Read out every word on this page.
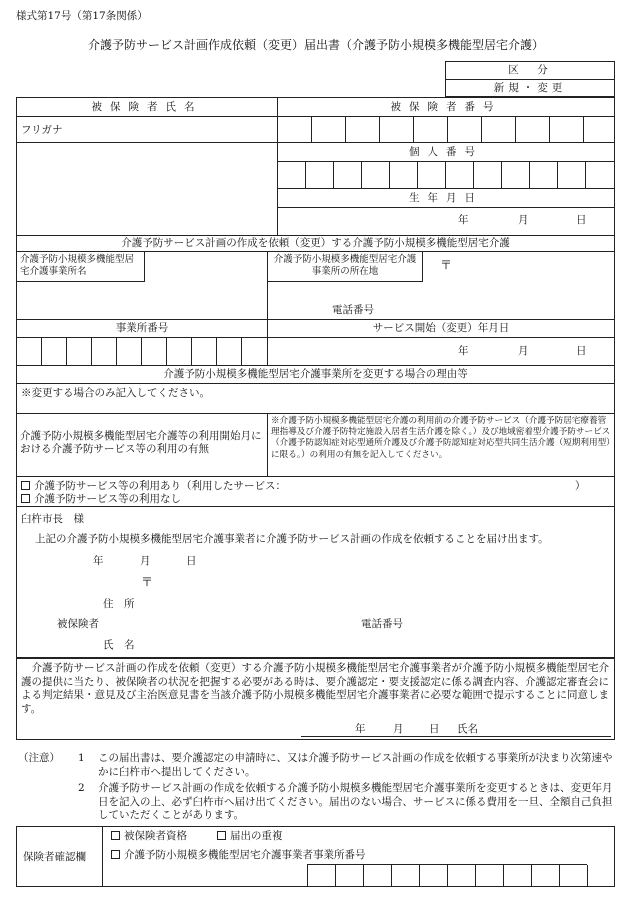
様式第17号（第17条関係）
介護予防サービス計画作成依頼（変更）届出書（介護予防小規模多機能型居宅介護）
区　分
新規・変更
被保険者氏名	被保険者番号
フリガナ
個人番号
生年月日
年	月	日
介護予防サービス計画の作成を依頼（変更）する介護予防小規模多機能型居宅介護
介護予防小規模多機能型居宅介護事業所名
介護予防小規模多機能型居宅介護事業所の所在地	〒
電話番号
事業所番号	サービス開始（変更）年月日
年	月	日
介護予防小規模多機能型居宅介護事業所を変更する場合の理由等
※変更する場合のみ記入してください。
介護予防小規模多機能型居宅介護等の利用開始月における介護予防サービス等の利用の有無
※介護予防小規模多機能型居宅介護の利用前の介護予防サービス（介護予防居宅療養管理指導及び介護予防特定施設入居者生活介護を除く。）及び地域密着型介護予防サービス（介護予防認知症対応型通所介護及び介護予防認知症対応型共同生活介護（短期利用型）に限る。）の利用の有無を記入してください。
介護予防サービス等の利用あり（利用したサービス：	）
介護予防サービス等の利用なし
臼杵市長　様
上記の介護予防小規模多機能型居宅介護事業者に介護予防サービス計画の作成を依頼することを届け出ます。
年	月	日
〒
住　所
被保険者
氏　名
電話番号
介護予防サービス計画の作成を依頼（変更）する介護予防小規模多機能型居宅介護事業者が介護予防小規模多機能型居宅介護の提供に当たり、被保険者の状況を把握する必要がある時は、要介護認定・要支援認定に係る調査内容、介護認定審査会による判定結果・意見及び主治医意見書を当該介護予防小規模多機能型居宅介護事業者に必要な範囲で提示することに同意します。
年	月 日 氏名
（注意） 1 この届出書は、要介護認定の申請時に、又は介護予防サービス計画の作成を依頼する事業所が決まり次第速やかに臼杵市へ提出してください。
2 介護予防サービス計画の作成を依頼する介護予防小規模多機能型居宅介護事業所を変更するときは、変更年月日を記入の上、必ず臼杵市へ届け出てください。届出のない場合、サービスに係る費用を一旦、全額自己負担していただくことがあります。
保険者確認欄
被保険者資格	届出の重複
介護予防小規模多機能型居宅介護事業者事業所番号
